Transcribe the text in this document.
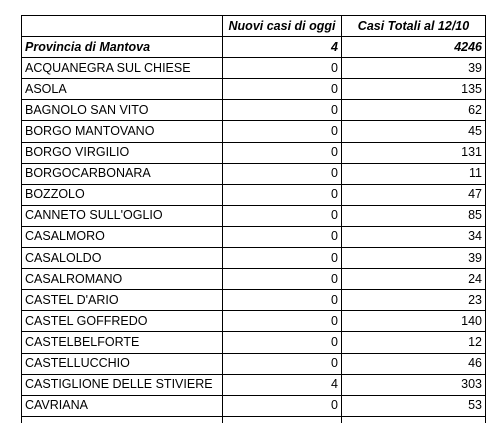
	Nuovi casi di oggi	Casi Totali al 12/10
Provincia di Mantova	4	4246
ACQUANEGRA SUL CHIESE	0	39
ASOLA	0	135
BAGNOLO SAN VITO	0	62
BORGO MANTOVANO	0	45
BORGO VIRGILIO	0	131
BORGOCARBONARA	0	11
BOZZOLO	0	47
CANNETO SULL'OGLIO	0	85
CASALMORO	0	34
CASALOLDO	0	39
CASALROMANO	0	24
CASTEL D'ARIO	0	23
CASTEL GOFFREDO	0	140
CASTELBELFORTE	0	12
CASTELLUCCHIO	0	46
CASTIGLIONE DELLE STIVIERE	4	303
CAVRIANA	0	53
